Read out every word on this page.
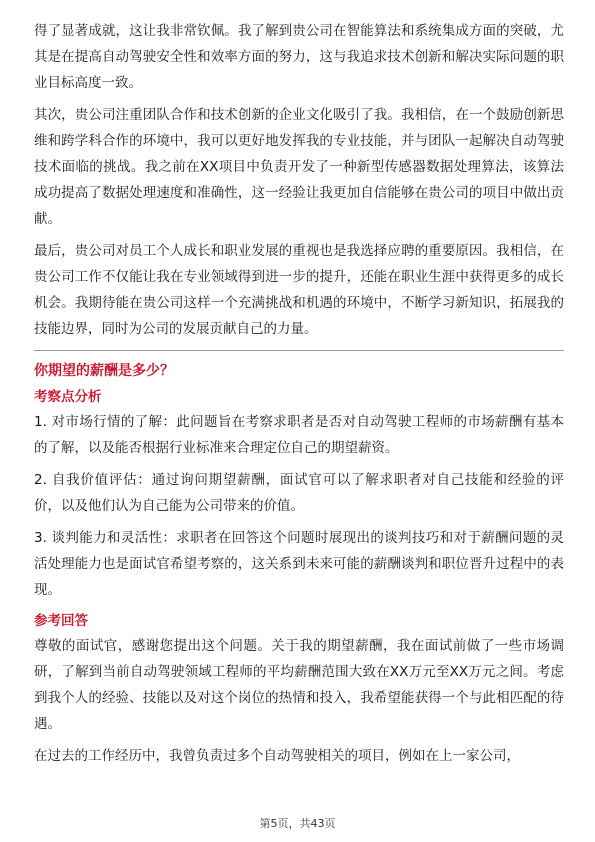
得了显著成就，这让我非常钦佩。我了解到贵公司在智能算法和系统集成方面的突破，尤其是在提高自动驾驶安全性和效率方面的努力，这与我追求技术创新和解决实际问题的职业目标高度一致。

其次，贵公司注重团队合作和技术创新的企业文化吸引了我。我相信，在一个鼓励创新思维和跨学科合作的环境中，我可以更好地发挥我的专业技能，并与团队一起解决自动驾驶技术面临的挑战。我之前在XX项目中负责开发了一种新型传感器数据处理算法，该算法成功提高了数据处理速度和准确性，这一经验让我更加自信能够在贵公司的项目中做出贡献。

最后，贵公司对员工个人成长和职业发展的重视也是我选择应聘的重要原因。我相信，在贵公司工作不仅能让我在专业领域得到进一步的提升，还能在职业生涯中获得更多的成长机会。我期待能在贵公司这样一个充满挑战和机遇的环境中，不断学习新知识，拓展我的技能边界，同时为公司的发展贡献自己的力量。

你期望的薪酬是多少？
考察点分析

1. 对市场行情的了解：此问题旨在考察求职者是否对自动驾驶工程师的市场薪酬有基本的了解，以及能否根据行业标准来合理定位自己的期望薪资。

2. 自我价值评估：通过询问期望薪酬，面试官可以了解求职者对自己技能和经验的评价，以及他们认为自己能为公司带来的价值。

3. 谈判能力和灵活性：求职者在回答这个问题时展现出的谈判技巧和对于薪酬问题的灵活处理能力也是面试官希望考察的，这关系到未来可能的薪酬谈判和职位晋升过程中的表现。

参考回答

尊敬的面试官，感谢您提出这个问题。关于我的期望薪酬，我在面试前做了一些市场调研，了解到当前自动驾驶领域工程师的平均薪酬范围大致在XX万元至XX万元之间。考虑到我个人的经验、技能以及对这个岗位的热情和投入，我希望能获得一个与此相匹配的待遇。

在过去的工作经历中，我曾负责过多个自动驾驶相关的项目，例如在上一家公司，

第5页，共43页
